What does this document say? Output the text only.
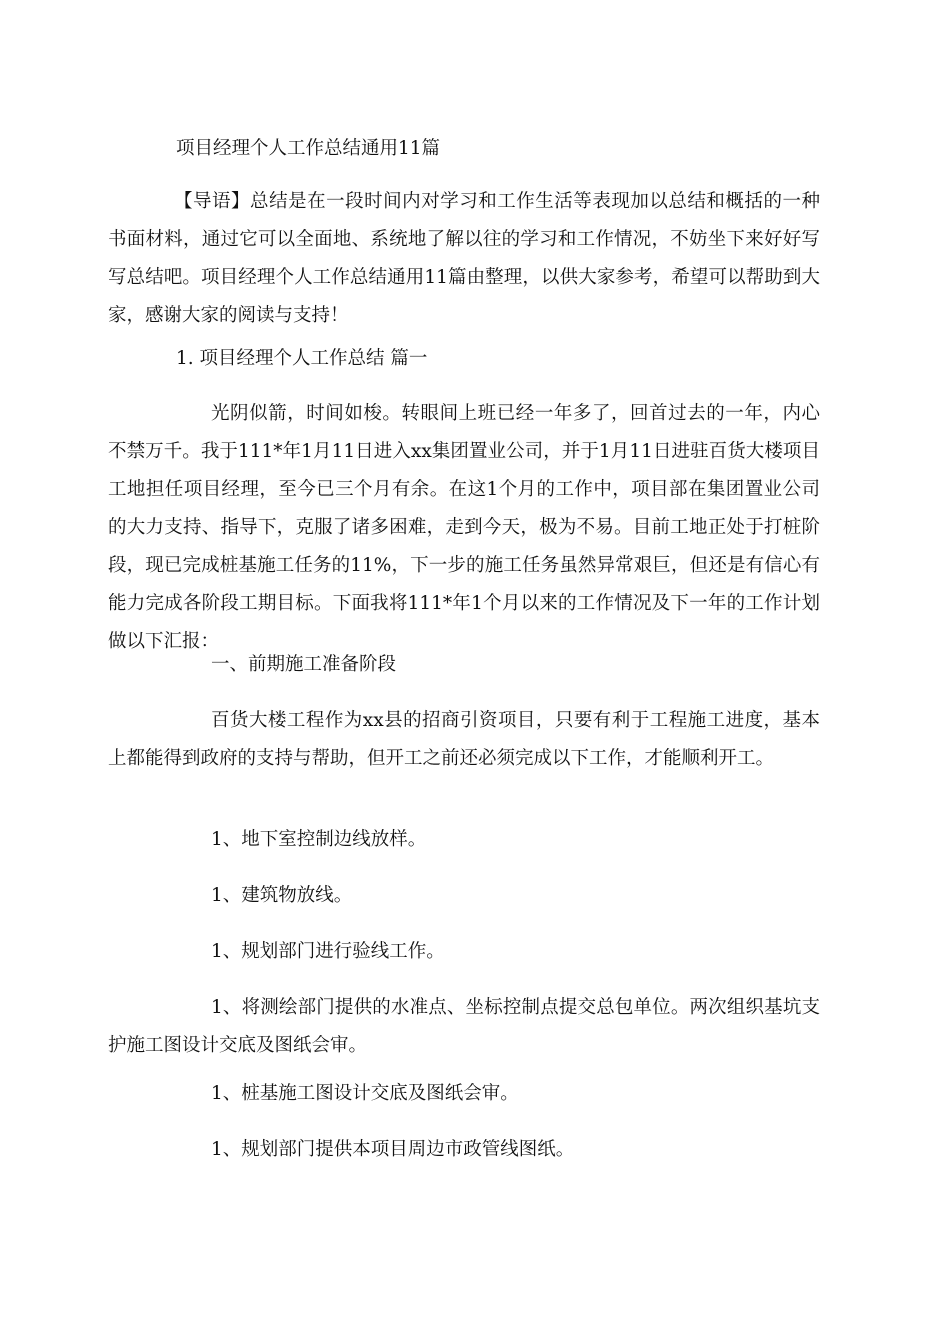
项目经理个人工作总结通用11篇

【导语】总结是在一段时间内对学习和工作生活等表现加以总结和概括的一种书面材料，通过它可以全面地、系统地了解以往的学习和工作情况，不妨坐下来好好写写总结吧。项目经理个人工作总结通用11篇由整理，以供大家参考，希望可以帮助到大家，感谢大家的阅读与支持！

1. 项目经理个人工作总结 篇一

光阴似箭，时间如梭。转眼间上班已经一年多了，回首过去的一年，内心不禁万千。我于111*年1月11日进入xx集团置业公司，并于1月11日进驻百货大楼项目工地担任项目经理，至今已三个月有余。在这1个月的工作中，项目部在集团置业公司的大力支持、指导下，克服了诸多困难，走到今天，极为不易。目前工地正处于打桩阶段，现已完成桩基施工任务的11%，下一步的施工任务虽然异常艰巨，但还是有信心有能力完成各阶段工期目标。下面我将111*年1个月以来的工作情况及下一年的工作计划做以下汇报：

一、前期施工准备阶段

百货大楼工程作为xx县的招商引资项目，只要有利于工程施工进度，基本上都能得到政府的支持与帮助，但开工之前还必须完成以下工作，才能顺利开工。

1、地下室控制边线放样。

1、建筑物放线。

1、规划部门进行验线工作。

1、将测绘部门提供的水准点、坐标控制点提交总包单位。两次组织基坑支护施工图设计交底及图纸会审。

1、桩基施工图设计交底及图纸会审。

1、规划部门提供本项目周边市政管线图纸。
